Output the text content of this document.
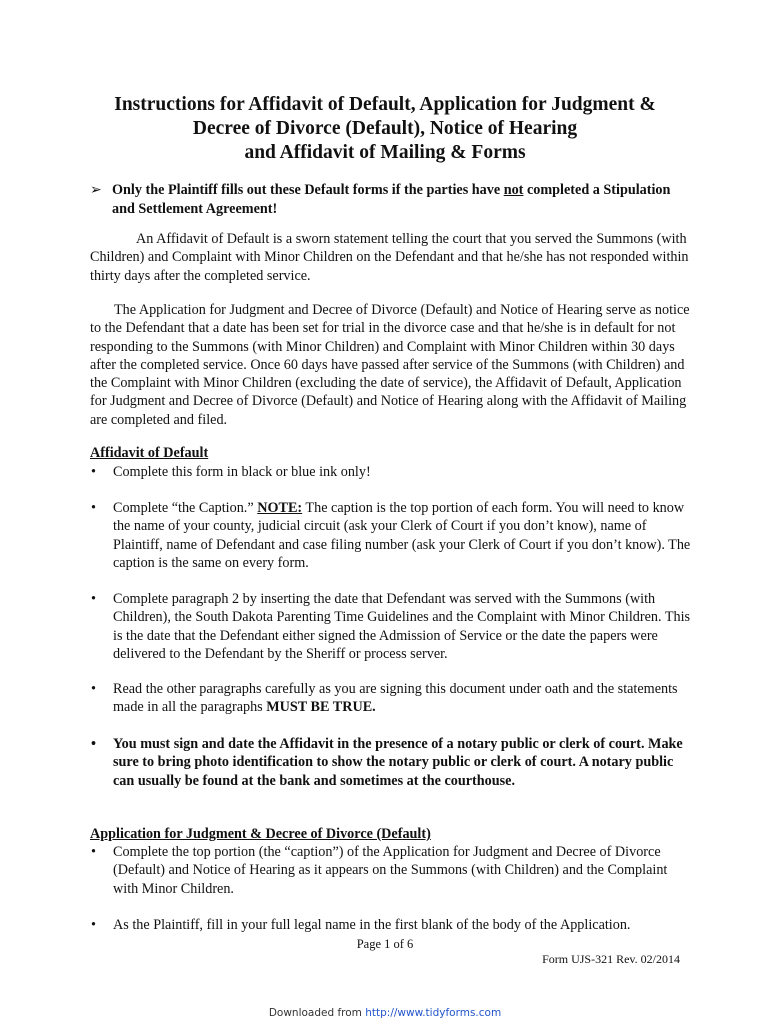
Instructions for Affidavit of Default, Application for Judgment &
Decree of Divorce (Default), Notice of Hearing
and Affidavit of Mailing & Forms
➢ Only the Plaintiff fills out these Default forms if the parties have not completed a Stipulation and Settlement Agreement!
An Affidavit of Default is a sworn statement telling the court that you served the Summons (with Children) and Complaint with Minor Children on the Defendant and that he/she has not responded within thirty days after the completed service.
The Application for Judgment and Decree of Divorce (Default) and Notice of Hearing serve as notice to the Defendant that a date has been set for trial in the divorce case and that he/she is in default for not responding to the Summons (with Minor Children) and Complaint with Minor Children within 30 days after the completed service. Once 60 days have passed after service of the Summons (with Children) and the Complaint with Minor Children (excluding the date of service), the Affidavit of Default, Application for Judgment and Decree of Divorce (Default) and Notice of Hearing along with the Affidavit of Mailing are completed and filed.
Affidavit of Default
• Complete this form in black or blue ink only!
• Complete “the Caption.” NOTE: The caption is the top portion of each form. You will need to know the name of your county, judicial circuit (ask your Clerk of Court if you don’t know), name of Plaintiff, name of Defendant and case filing number (ask your Clerk of Court if you don’t know). The caption is the same on every form.
• Complete paragraph 2 by inserting the date that Defendant was served with the Summons (with Children), the South Dakota Parenting Time Guidelines and the Complaint with Minor Children. This is the date that the Defendant either signed the Admission of Service or the date the papers were delivered to the Defendant by the Sheriff or process server.
• Read the other paragraphs carefully as you are signing this document under oath and the statements made in all the paragraphs MUST BE TRUE.
• You must sign and date the Affidavit in the presence of a notary public or clerk of court. Make sure to bring photo identification to show the notary public or clerk of court. A notary public can usually be found at the bank and sometimes at the courthouse.
Application for Judgment & Decree of Divorce (Default)
• Complete the top portion (the “caption”) of the Application for Judgment and Decree of Divorce (Default) and Notice of Hearing as it appears on the Summons (with Children) and the Complaint with Minor Children.
• As the Plaintiff, fill in your full legal name in the first blank of the body of the Application.
Page 1 of 6
Form UJS-321 Rev. 02/2014
Downloaded from http://www.tidyforms.com
